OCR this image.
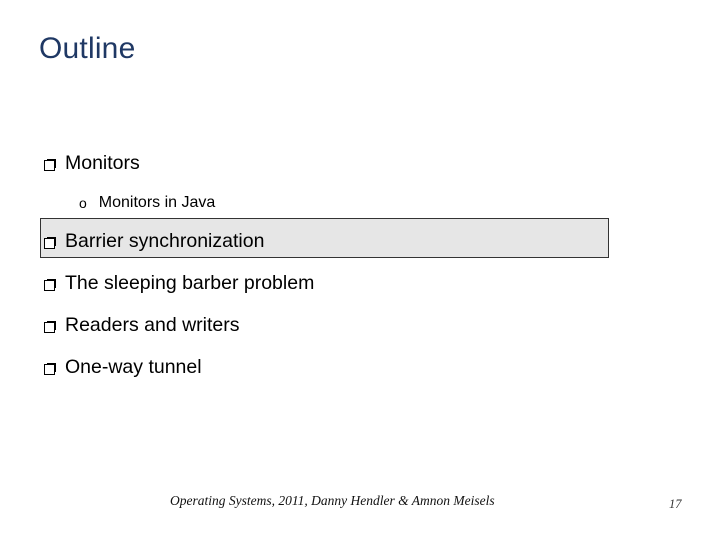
Outline
Monitors
o Monitors in Java
Barrier synchronization
The sleeping barber problem
Readers and writers
One-way tunnel
Operating Systems, 2011, Danny Hendler & Amnon Meisels	17
